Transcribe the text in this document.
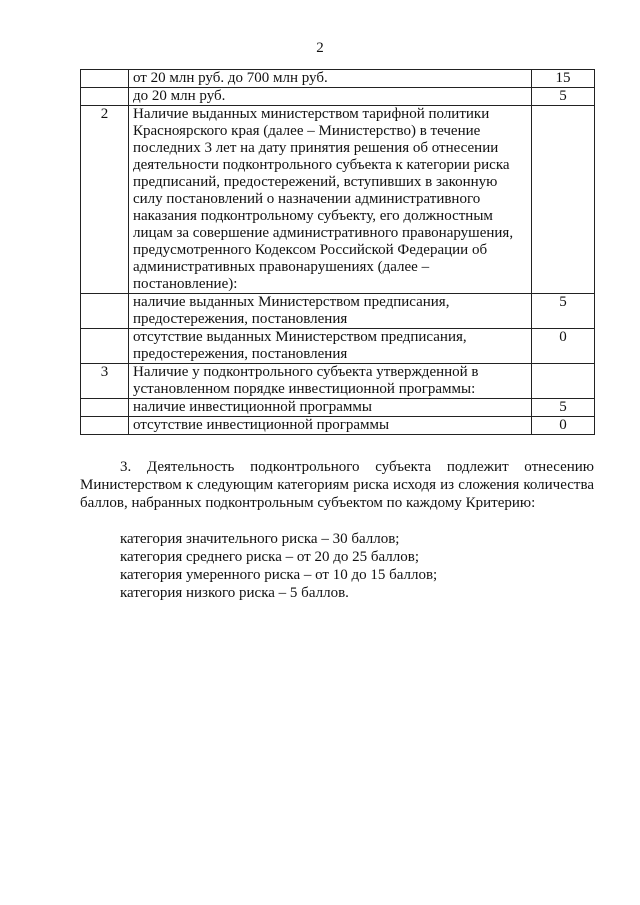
2
	от 20 млн руб. до 700 млн руб.	15
	до 20 млн руб.	5
2	Наличие выданных министерством тарифной политики Красноярского края (далее – Министерство) в течение последних 3 лет на дату принятия решения об отнесении деятельности подконтрольного субъекта к категории риска предписаний, предостережений, вступивших в законную силу постановлений о назначении административного наказания подконтрольному субъекту, его должностным лицам за совершение административного правонарушения, предусмотренного Кодексом Российской Федерации об административных правонарушениях (далее – постановление):	
	наличие выданных Министерством предписания, предостережения, постановления	5
	отсутствие выданных Министерством предписания, предостережения, постановления	0
3	Наличие у подконтрольного субъекта утвержденной в установленном порядке инвестиционной программы:	
	наличие инвестиционной программы	5
	отсутствие инвестиционной программы	0

3. Деятельность подконтрольного субъекта подлежит отнесению Министерством к следующим категориям риска исходя из сложения количества баллов, набранных подконтрольным субъектом по каждому Критерию:

категория значительного риска – 30 баллов;
категория среднего риска – от 20 до 25 баллов;
категория умеренного риска – от 10 до 15 баллов;
категория низкого риска – 5 баллов.
